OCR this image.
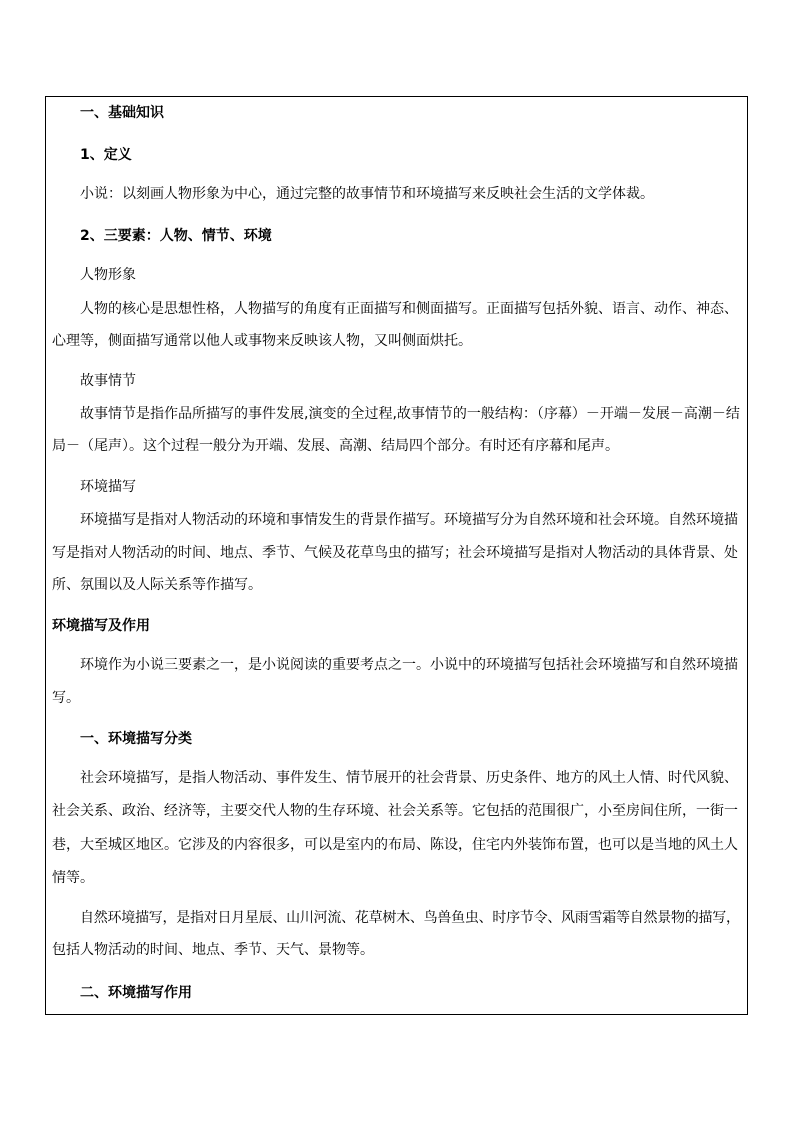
一、基础知识
1、定义
小说：以刻画人物形象为中心，通过完整的故事情节和环境描写来反映社会生活的文学体裁。
2、三要素：人物、情节、环境
人物形象
人物的核心是思想性格，人物描写的角度有正面描写和侧面描写。正面描写包括外貌、语言、动作、神态、
心理等，侧面描写通常以他人或事物来反映该人物，又叫侧面烘托。
故事情节
故事情节是指作品所描写的事件发展,演变的全过程,故事情节的一般结构：（序幕）－开端－发展－高潮－结
局－（尾声）。这个过程一般分为开端、发展、高潮、结局四个部分。有时还有序幕和尾声。
环境描写
环境描写是指对人物活动的环境和事情发生的背景作描写。环境描写分为自然环境和社会环境。自然环境描
写是指对人物活动的时间、地点、季节、气候及花草鸟虫的描写；社会环境描写是指对人物活动的具体背景、处
所、氛围以及人际关系等作描写。
环境描写及作用
环境作为小说三要素之一，是小说阅读的重要考点之一。小说中的环境描写包括社会环境描写和自然环境描
写。
一、环境描写分类
社会环境描写，是指人物活动、事件发生、情节展开的社会背景、历史条件、地方的风土人情、时代风貌、
社会关系、政治、经济等，主要交代人物的生存环境、社会关系等。它包括的范围很广，小至房间住所，一街一
巷，大至城区地区。它涉及的内容很多，可以是室内的布局、陈设，住宅内外装饰布置，也可以是当地的风土人
情等。
自然环境描写，是指对日月星辰、山川河流、花草树木、鸟兽鱼虫、时序节令、风雨雪霜等自然景物的描写，
包括人物活动的时间、地点、季节、天气、景物等。
二、环境描写作用
